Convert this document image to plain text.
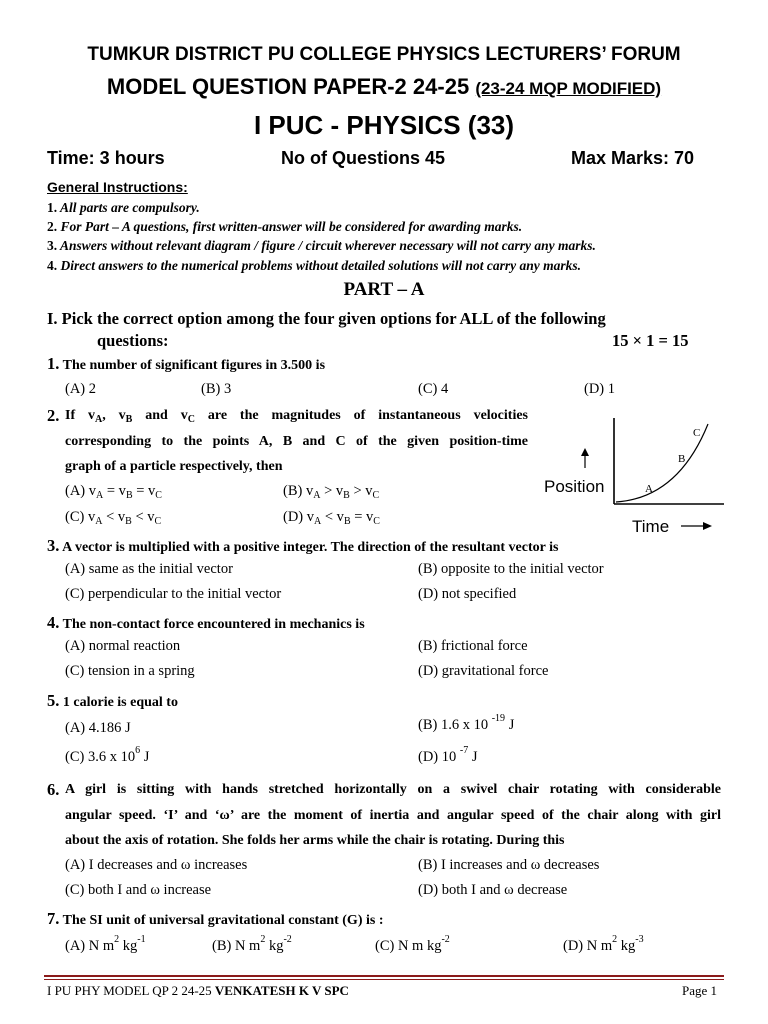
TUMKUR DISTRICT PU COLLEGE PHYSICS LECTURERS’ FORUM
MODEL QUESTION PAPER-2 24-25 (23-24 MQP MODIFIED)
I PUC - PHYSICS (33)
Time: 3 hours	No of Questions 45	Max Marks: 70
General Instructions:
1. All parts are compulsory.
2. For Part – A questions, first written-answer will be considered for awarding marks.
3. Answers without relevant diagram / figure / circuit wherever necessary will not carry any marks.
4. Direct answers to the numerical problems without detailed solutions will not carry any marks.
PART – A
I. Pick the correct option among the four given options for ALL of the following
questions:	15 × 1 = 15
1. The number of significant figures in 3.500 is
(A) 2	(B) 3	(C) 4	(D) 1
2. If $v_A$, $v_B$ and $v_C$ are the magnitudes of instantaneous velocities
corresponding to the points A, B and C of the given position-time
graph of a particle respectively, then
(A) $v_A = v_B = v_C$	(B) $v_A > v_B > v_C$
(C) $v_A < v_B < v_C$	(D) $v_A < v_B = v_C$
Position
Time
A
B
C
3. A vector is multiplied with a positive integer. The direction of the resultant vector is
(A) same as the initial vector	(B) opposite to the initial vector
(C) perpendicular to the initial vector	(D) not specified
4. The non-contact force encountered in mechanics is
(A) normal reaction	(B) frictional force
(C) tension in a spring	(D) gravitational force
5. 1 calorie is equal to
(A) 4.186 J	(B) 1.6 x 10 $^{-19}$ J
(C) 3.6 x $10^6$ J	(D) 10 $^{-7}$ J
6. A girl is sitting with hands stretched horizontally on a swivel chair rotating with considerable
angular speed. ‘I’ and ‘ω’ are the moment of inertia and angular speed of the chair along with girl
about the axis of rotation. She folds her arms while the chair is rotating. During this
(A) I decreases and ω increases	(B) I increases and ω decreases
(C) both I and ω increase	(D) both I and ω decrease
7. The SI unit of universal gravitational constant (G) is :
(A) N $m^2$ $kg^{-1}$	(B) N $m^2$ $kg^{-2}$	(C) N m $kg^{-2}$	(D) N $m^2$ $kg^{-3}$
I PU PHY MODEL QP 2 24-25 VENKATESH K V SPC	Page 1
